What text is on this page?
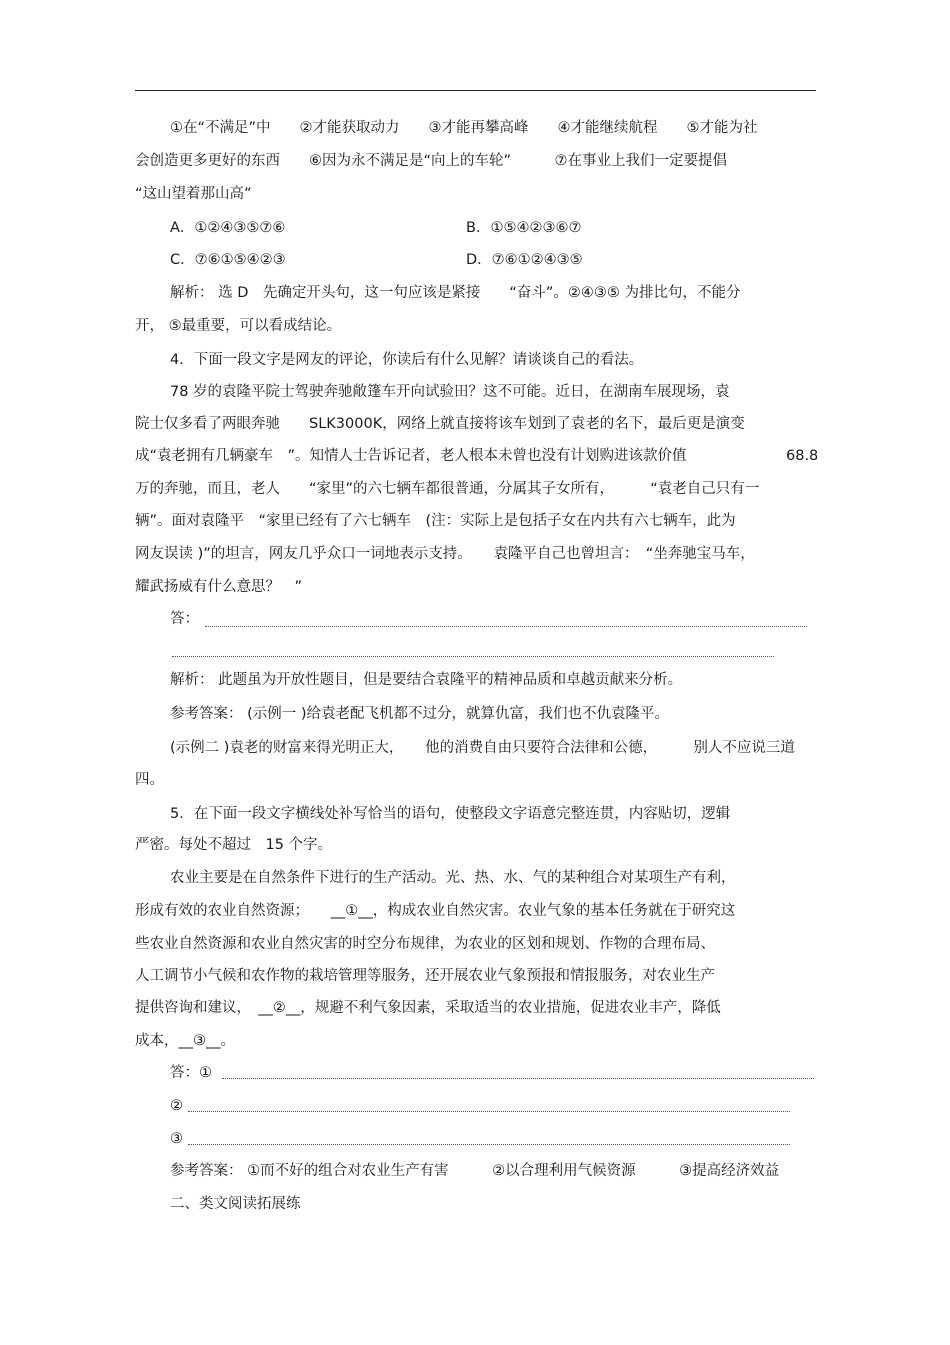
①在“不满足”中　　②才能获取动力　　③才能再攀高峰　　④才能继续航程　　⑤才能为社
会创造更多更好的东西　　⑥因为永不满足是“向上的车轮”　　　⑦在事业上我们一定要提倡
“这山望着那山高”
A．①②④③⑤⑦⑥	B．①⑤④②③⑥⑦
C．⑦⑥①⑤④②③	D．⑦⑥①②④③⑤
解析： 选 D　先确定开头句，这一句应该是紧接　　“奋斗”。②④③⑤ 为排比句，不能分
开， ⑤最重要，可以看成结论。
4．下面一段文字是网友的评论，你读后有什么见解？请谈谈自己的看法。
78 岁的袁隆平院士驾驶奔驰敞篷车开向试验田？这不可能。近日，在湖南车展现场，袁
院士仅多看了两眼奔驰　　SLK3000K，网络上就直接将该车划到了袁老的名下，最后更是演变
成“袁老拥有几辆豪车　”。知情人士告诉记者，老人根本未曾也没有计划购进该款价值	68.8
万的奔驰，而且，老人　　“家里”的六七辆车都很普通，分属其子女所有，　　　“袁老自己只有一
辆”。面对袁隆平　“家里已经有了六七辆车　(注：实际上是包括子女在内共有六七辆车，此为
网友误读 )”的坦言，网友几乎众口一词地表示支持。　　袁隆平自己也曾坦言：　“坐奔驰宝马车，
耀武扬威有什么意思？　”
答：
解析： 此题虽为开放性题目，但是要结合袁隆平的精神品质和卓越贡献来分析。
参考答案： (示例一 )给袁老配飞机都不过分，就算仇富，我们也不仇袁隆平。
(示例二 )袁老的财富来得光明正大，　　他的消费自由只要符合法律和公德，　　　别人不应说三道
四。
5．在下面一段文字横线处补写恰当的语句，使整段文字语意完整连贯，内容贴切，逻辑
严密。每处不超过　15 个字。
农业主要是在自然条件下进行的生产活动。光、热、水、气的某种组合对某项生产有利，
形成有效的农业自然资源；　　__①__，构成农业自然灾害。农业气象的基本任务就在于研究这
些农业自然资源和农业自然灾害的时空分布规律，为农业的区划和规划、作物的合理布局、
人工调节小气候和农作物的栽培管理等服务，还开展农业气象预报和情报服务，对农业生产
提供咨询和建议，　__②__，规避不利气象因素，采取适当的农业措施，促进农业丰产，降低
成本，__③__。
答：①
②
③
参考答案： ①而不好的组合对农业生产有害　　　②以合理利用气候资源　　　③提高经济效益
二、类文阅读拓展练
